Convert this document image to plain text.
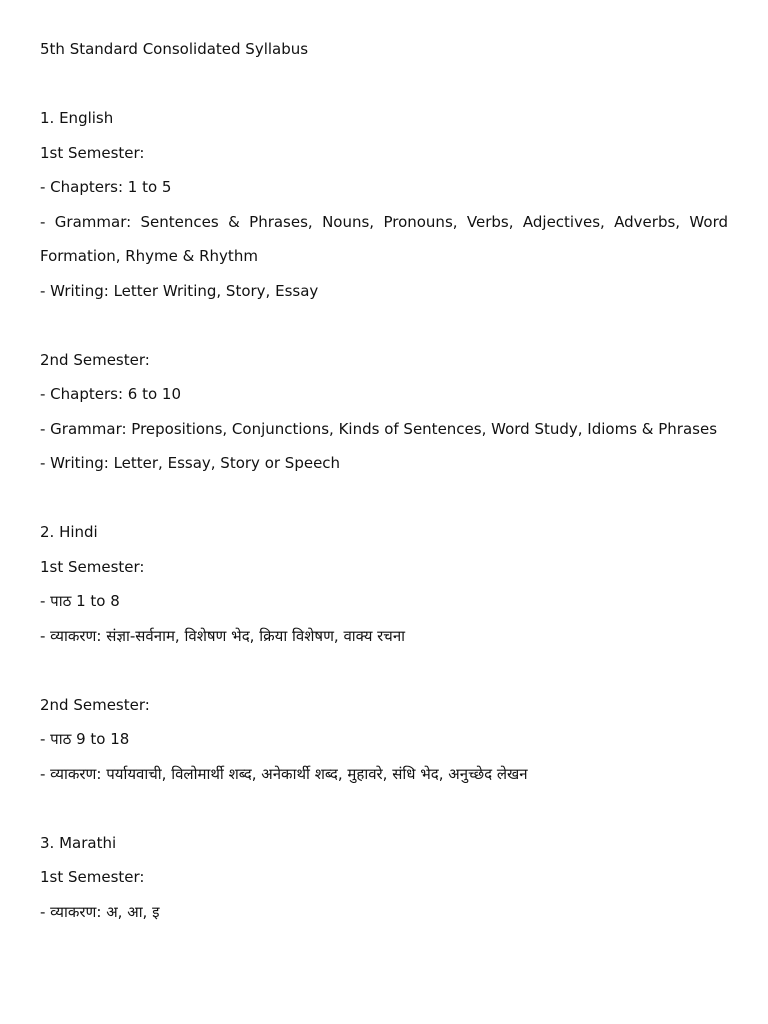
5th Standard Consolidated Syllabus

1. English

1st Semester:

- Chapters: 1 to 5

- Grammar: Sentences & Phrases, Nouns, Pronouns, Verbs, Adjectives, Adverbs, Word Formation, Rhyme & Rhythm

- Writing: Letter Writing, Story, Essay

2nd Semester:

- Chapters: 6 to 10

- Grammar: Prepositions, Conjunctions, Kinds of Sentences, Word Study, Idioms & Phrases

- Writing: Letter, Essay, Story or Speech

2. Hindi

1st Semester:

- पाठ 1 to 8

- व्याकरण: संज्ञा-सर्वनाम, विशेषण भेद, क्रिया विशेषण, वाक्य रचना

2nd Semester:

- पाठ 9 to 18

- व्याकरण: पर्यायवाची, विलोमार्थी शब्द, अनेकार्थी शब्द, मुहावरे, संधि भेद, अनुच्छेद लेखन

3. Marathi

1st Semester:

- व्याकरण: अ, आ, इ
